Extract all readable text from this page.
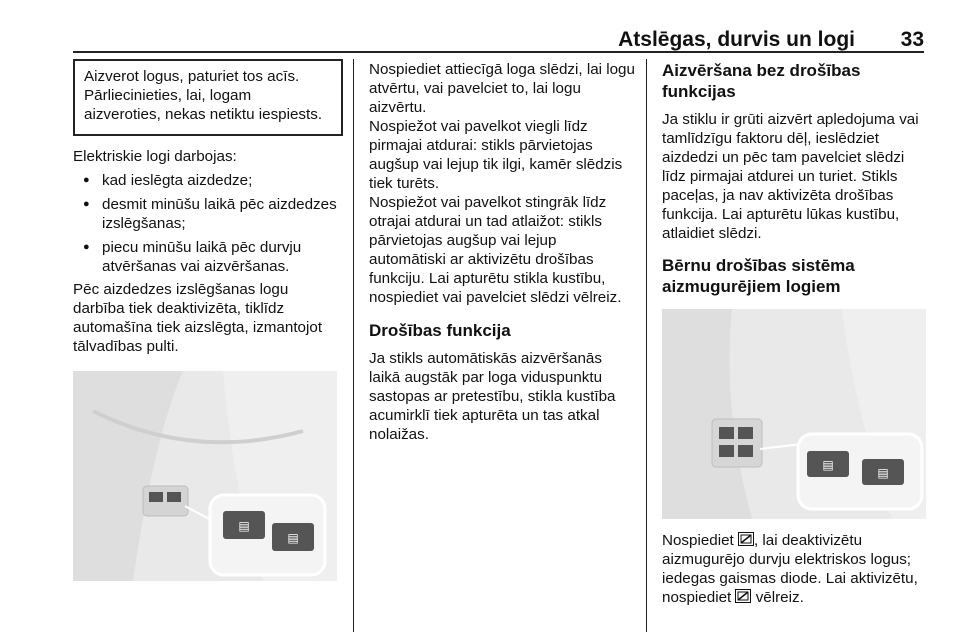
Atslēgas, durvis un logi 33

Aizverot logus, paturiet tos acīs. Pārliecinieties, lai, logam aizveroties, nekas netiktu iespiests.

Elektriskie logi darbojas:

● kad ieslēgta aizdedze;
● desmit minūšu laikā pēc aizdedzes izslēgšanas;
● piecu minūšu laikā pēc durvju atvēršanas vai aizvēršanas.

Pēc aizdedzes izslēgšanas logu darbība tiek deaktivizēta, tiklīdz automašīna tiek aizslēgta, izmantojot tālvadības pulti.

▤
▤

Nospiediet attiecīgā loga slēdzi, lai logu atvērtu, vai pavelciet to, lai logu aizvērtu.

Nospiežot vai pavelkot viegli līdz pirmajai atdurai: stikls pārvietojas augšup vai lejup tik ilgi, kamēr slēdzis tiek turēts.

Nospiežot vai pavelkot stingrāk līdz otrajai atdurai un tad atlaižot: stikls pārvietojas augšup vai lejup automātiski ar aktivizētu drošības funkciju. Lai apturētu stikla kustību, nospiediet vai pavelciet slēdzi vēlreiz.

Drošības funkcija

Ja stikls automātiskās aizvēršanās laikā augstāk par loga viduspunktu sastopas ar pretestību, stikla kustība acumirklī tiek apturēta un tas atkal nolaižas.

Aizvēršana bez drošības funkcijas

Ja stiklu ir grūti aizvērt apledojuma vai tamlīdzīgu faktoru dēļ, ieslēdziet aizdedzi un pēc tam pavelciet slēdzi līdz pirmajai atdurei un turiet. Stikls paceļas, ja nav aktivizēta drošības funkcija. Lai apturētu lūkas kustību, atlaidiet slēdzi.

Bērnu drošības sistēma aizmugurējiem logiem
▤
▤

Nospiediet , lai deaktivizētu aizmugurējo durvju elektriskos logus; iedegas gaismas diode. Lai aktivizētu, nospiediet  vēlreiz.
